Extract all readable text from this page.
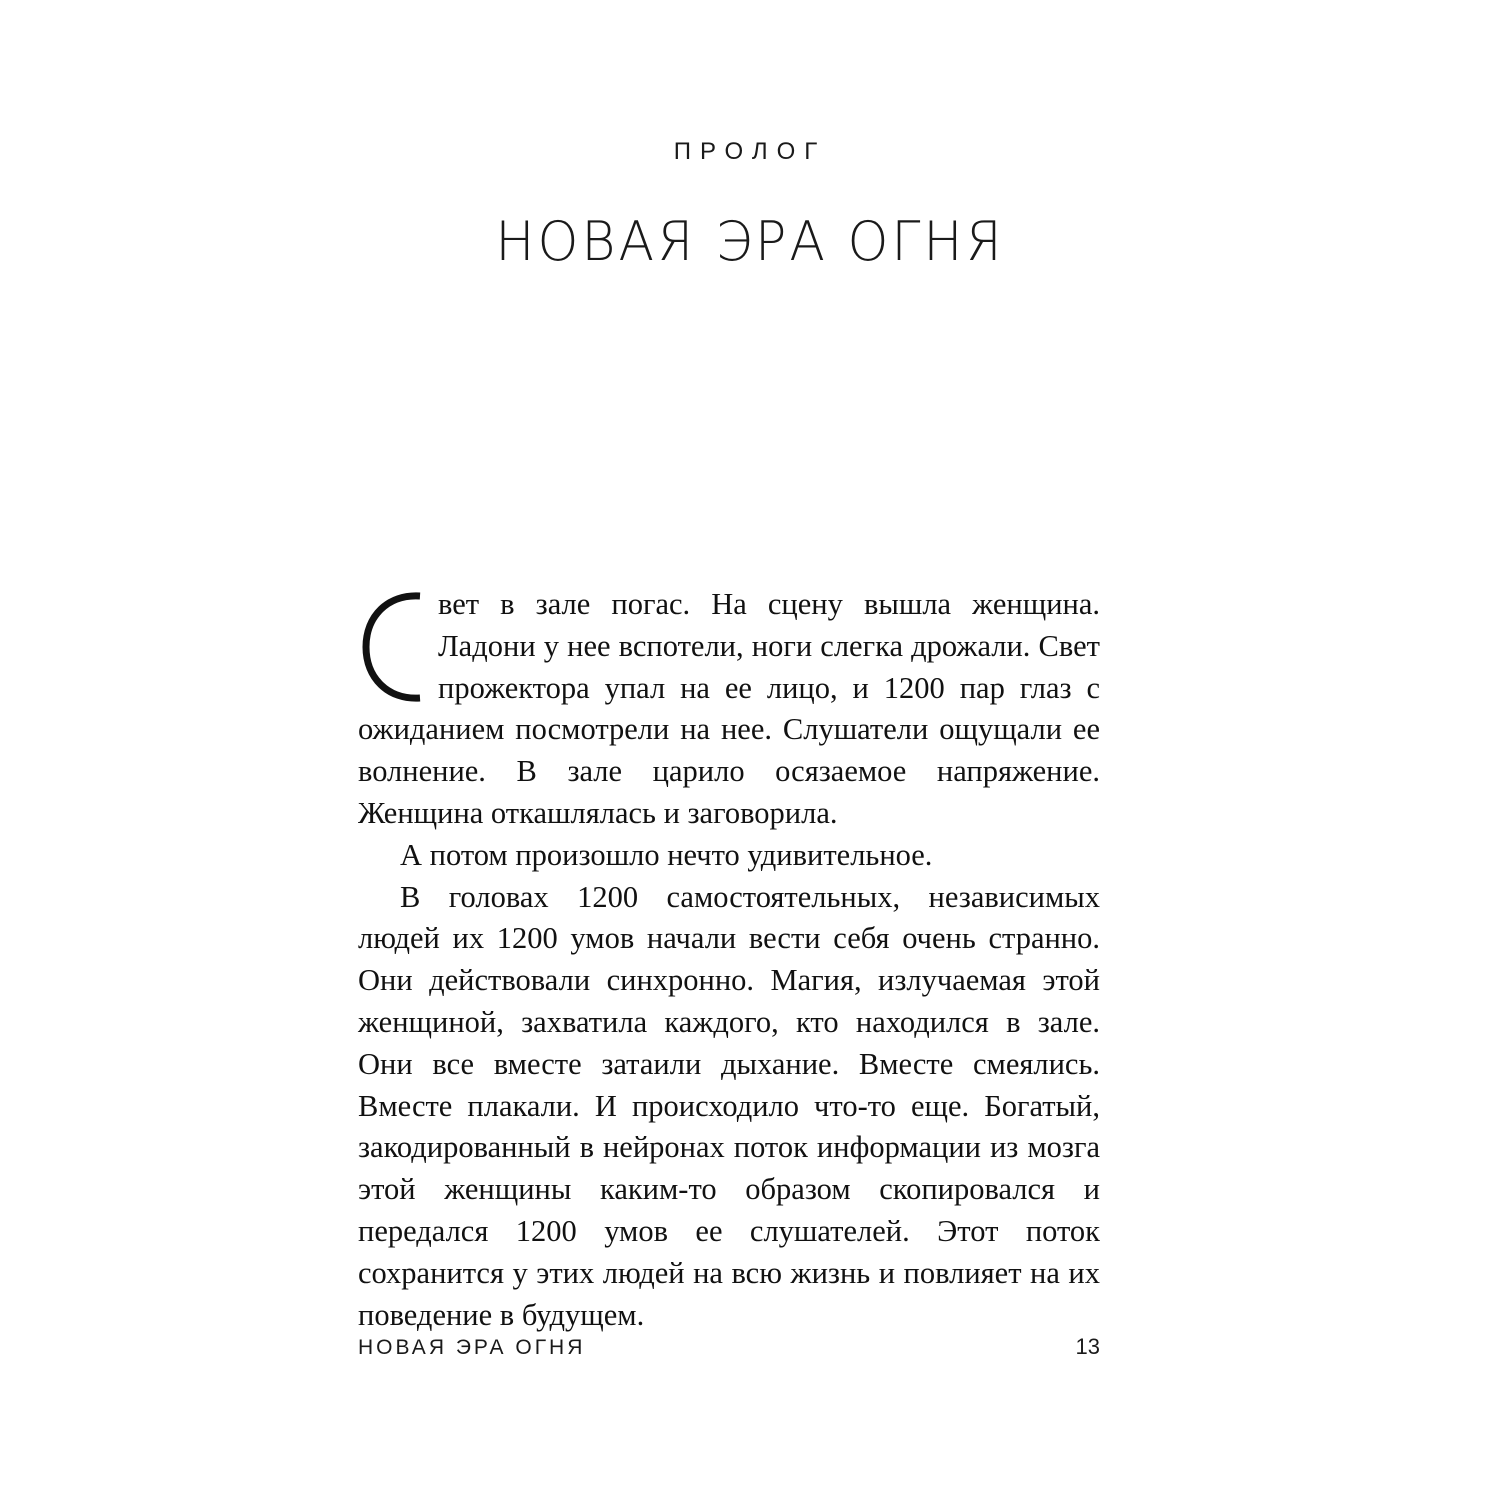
ПРОЛОГ
НОВАЯ ЭРА ОГНЯ

вет в зале погас. На сцену вышла женщина. Ладони у нее вспотели, ноги слегка дрожали. Свет прожектора упал на ее лицо, и 1200 пар глаз с ожиданием посмотрели на нее. Слушатели ощущали ее волнение. В зале царило осязаемое напряжение. Женщина откашлялась и заговорила.

А потом произошло нечто удивительное.

В головах 1200 самостоятельных, независимых людей их 1200 умов начали вести себя очень странно. Они действовали синхронно. Магия, излучаемая этой женщиной, захватила каждого, кто находился в зале. Они все вместе затаили дыхание. Вместе смеялись. Вместе плакали. И происходило что-то еще. Богатый, закодированный в нейронах поток информации из мозга этой женщины каким-то образом скопировался и передался 1200 умов ее слушателей. Этот поток сохранится у этих людей на всю жизнь и повлияет на их поведение в будущем.

НОВАЯ ЭРА ОГНЯ	13
